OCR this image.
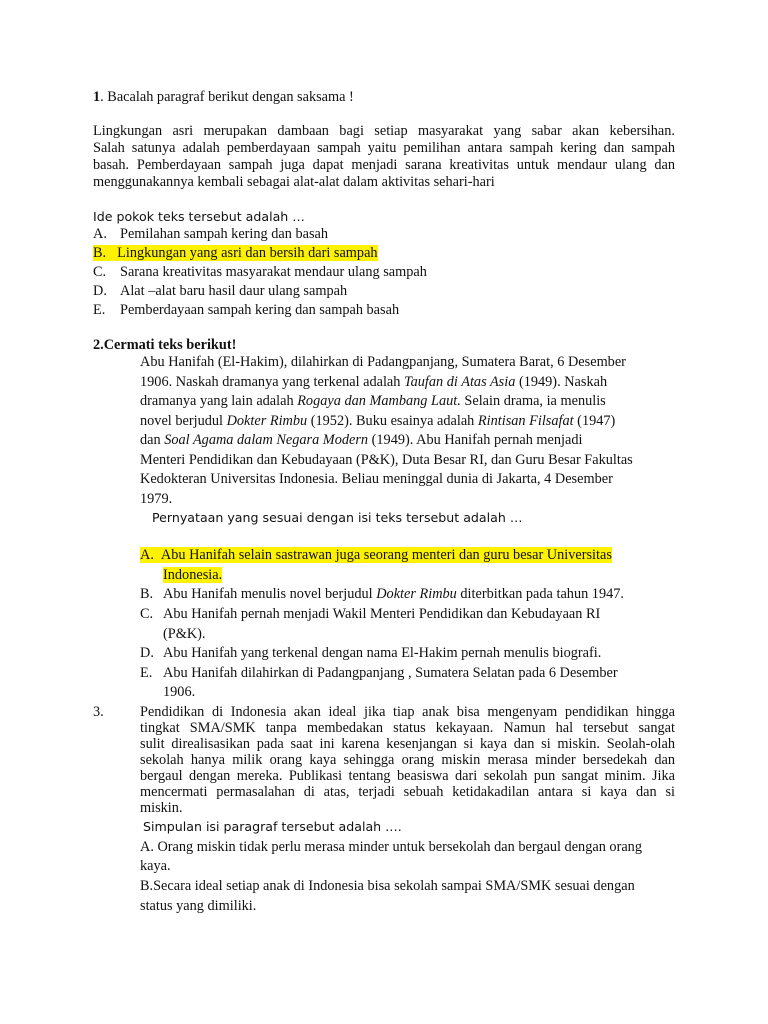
1. Bacalah paragraf berikut dengan saksama !
Lingkungan asri merupakan dambaan bagi setiap masyarakat yang sabar akan kebersihan.
Salah satunya adalah pemberdayaan sampah yaitu pemilihan antara sampah kering dan sampah
basah. Pemberdayaan sampah juga dapat menjadi sarana kreativitas untuk mendaur ulang dan
menggunakannya kembali sebagai alat-alat dalam aktivitas sehari-hari
Ide pokok teks tersebut adalah …
A. Pemilahan sampah kering dan basah
B. Lingkungan yang asri dan bersih dari sampah
C. Sarana kreativitas masyarakat mendaur ulang sampah
D. Alat –alat baru hasil daur ulang sampah
E. Pemberdayaan sampah kering dan sampah basah
2.Cermati teks berikut!
Abu Hanifah (El-Hakim), dilahirkan di Padangpanjang, Sumatera Barat, 6 Desember
1906. Naskah dramanya yang terkenal adalah Taufan di Atas Asia (1949). Naskah
dramanya yang lain adalah Rogaya dan Mambang Laut. Selain drama, ia menulis
novel berjudul Dokter Rimbu (1952). Buku esainya adalah Rintisan Filsafat (1947)
dan Soal Agama dalam Negara Modern (1949). Abu Hanifah pernah menjadi
Menteri Pendidikan dan Kebudayaan (P&K), Duta Besar RI, dan Guru Besar Fakultas
Kedokteran Universitas Indonesia. Beliau meninggal dunia di Jakarta, 4 Desember
1979.
Pernyataan yang sesuai dengan isi teks tersebut adalah …
A. Abu Hanifah selain sastrawan juga seorang menteri dan guru besar Universitas
Indonesia.
B. Abu Hanifah menulis novel berjudul Dokter Rimbu diterbitkan pada tahun 1947.
C. Abu Hanifah pernah menjadi Wakil Menteri Pendidikan dan Kebudayaan RI
(P&K).
D. Abu Hanifah yang terkenal dengan nama El-Hakim pernah menulis biografi.
E. Abu Hanifah dilahirkan di Padangpanjang , Sumatera Selatan pada 6 Desember
1906.
3.	Pendidikan di Indonesia akan ideal jika tiap anak bisa mengenyam pendidikan hingga
tingkat SMA/SMK tanpa membedakan status kekayaan. Namun hal tersebut sangat
sulit direalisasikan pada saat ini karena kesenjangan si kaya dan si miskin. Seolah-olah
sekolah hanya milik orang kaya sehingga orang miskin merasa minder bersedekah dan
bergaul dengan mereka. Publikasi tentang beasiswa dari sekolah pun sangat minim. Jika
mencermati permasalahan di atas, terjadi sebuah ketidakadilan antara si kaya dan si
miskin.
Simpulan isi paragraf tersebut adalah ….
A. Orang miskin tidak perlu merasa minder untuk bersekolah dan bergaul dengan orang
kaya.
B.Secara ideal setiap anak di Indonesia bisa sekolah sampai SMA/SMK sesuai dengan
status yang dimiliki.
